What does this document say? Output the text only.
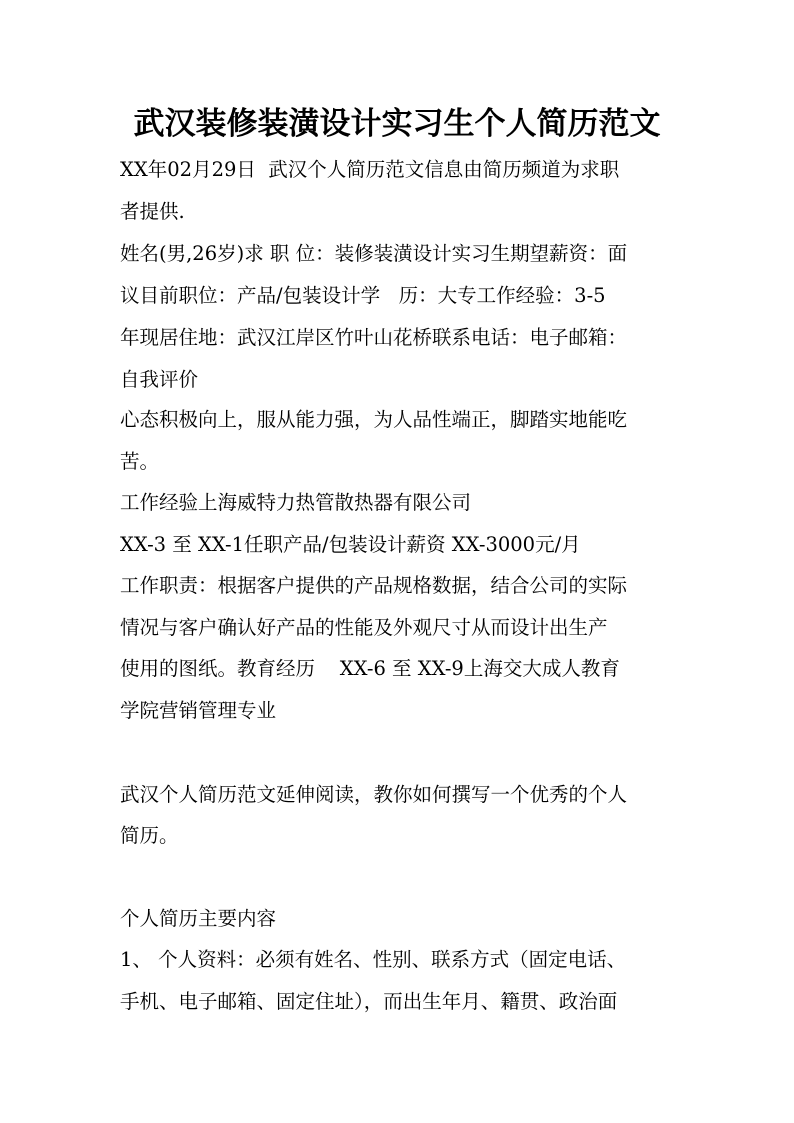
武汉装修装潢设计实习生个人简历范文
XX年02月29日  武汉个人简历范文信息由简历频道为求职
者提供.
姓名(男,26岁)求 职 位：装修装潢设计实习生期望薪资：面
议目前职位：产品/包装设计学   历：大专工作经验：3-5
年现居住地：武汉江岸区竹叶山花桥联系电话：电子邮箱：
自我评价
心态积极向上，服从能力强，为人品性端正，脚踏实地能吃
苦。
工作经验上海威特力热管散热器有限公司
XX-3 至 XX-1任职产品/包装设计薪资 XX-3000元/月
工作职责：根据客户提供的产品规格数据，结合公司的实际
情况与客户确认好产品的性能及外观尺寸从而设计出生产
使用的图纸。教育经历    XX-6 至 XX-9上海交大成人教育
学院营销管理专业
武汉个人简历范文延伸阅读，教你如何撰写一个优秀的个人
简历。
个人简历主要内容
1、 个人资料：必须有姓名、性别、联系方式（固定电话、
手机、电子邮箱、固定住址），而出生年月、籍贯、政治面
